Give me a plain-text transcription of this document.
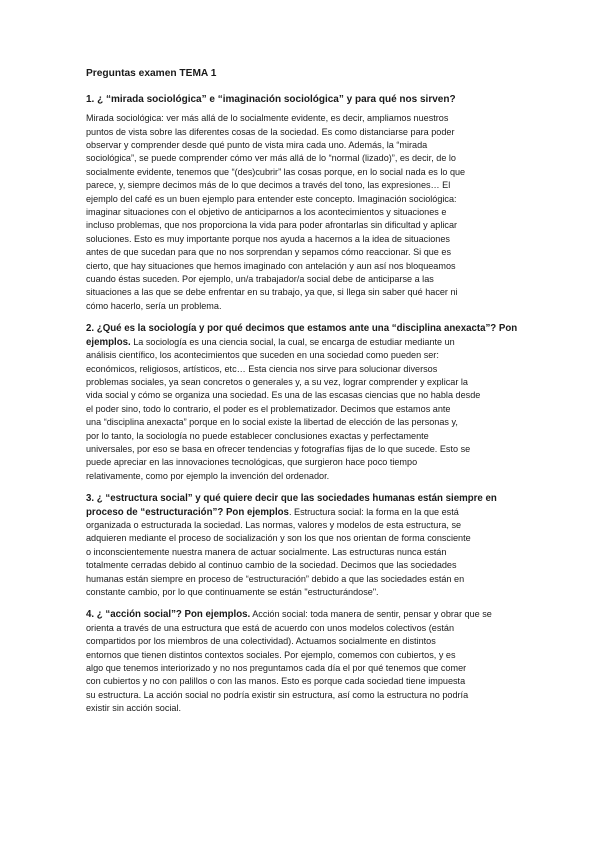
Preguntas examen TEMA 1
1. ¿ “mirada sociológica” e “imaginación sociológica” y para qué nos sirven?

Mirada sociológica: ver más allá de lo socialmente evidente, es decir, ampliamos nuestros
puntos de vista sobre las diferentes cosas de la sociedad. Es como distanciarse para poder
observar y comprender desde qué punto de vista mira cada uno. Además, la “mirada
sociológica”, se puede comprender cómo ver más allá de lo “normal (lizado)”, es decir, de lo
socialmente evidente, tenemos que “(des)cubrir” las cosas porque, en lo social nada es lo que
parece, y, siempre decimos más de lo que decimos a través del tono, las expresiones… El
ejemplo del café es un buen ejemplo para entender este concepto. Imaginación sociológica:
imaginar situaciones con el objetivo de anticiparnos a los acontecimientos y situaciones e
incluso problemas, que nos proporciona la vida para poder afrontarlas sin dificultad y aplicar
soluciones. Esto es muy importante porque nos ayuda a hacernos a la idea de situaciones
antes de que sucedan para que no nos sorprendan y sepamos cómo reaccionar. Si que es
cierto, que hay situaciones que hemos imaginado con antelación y aun así nos bloqueamos
cuando éstas suceden. Por ejemplo, un/a trabajador/a social debe de anticiparse a las
situaciones a las que se debe enfrentar en su trabajo, ya que, si llega sin saber qué hacer ni
cómo hacerlo, sería un problema.

2. ¿Qué es la sociología y por qué decimos que estamos ante una “disciplina anexacta”? Pon
ejemplos. La sociología es una ciencia social, la cual, se encarga de estudiar mediante un
análisis científico, los acontecimientos que suceden en una sociedad como pueden ser:
económicos, religiosos, artísticos, etc… Esta ciencia nos sirve para solucionar diversos
problemas sociales, ya sean concretos o generales y, a su vez, lograr comprender y explicar la
vida social y cómo se organiza una sociedad. Es una de las escasas ciencias que no habla desde
el poder sino, todo lo contrario, el poder es el problematizador. Decimos que estamos ante
una “disciplina anexacta” porque en lo social existe la libertad de elección de las personas y,
por lo tanto, la sociología no puede establecer conclusiones exactas y perfectamente
universales, por eso se basa en ofrecer tendencias y fotografías fijas de lo que sucede. Esto se
puede apreciar en las innovaciones tecnológicas, que surgieron hace poco tiempo
relativamente, como por ejemplo la invención del ordenador.

3. ¿ “estructura social” y qué quiere decir que las sociedades humanas están siempre en
proceso de “estructuración”? Pon ejemplos. Estructura social: la forma en la que está
organizada o estructurada la sociedad. Las normas, valores y modelos de esta estructura, se
adquieren mediante el proceso de socialización y son los que nos orientan de forma consciente
o inconscientemente nuestra manera de actuar socialmente. Las estructuras nunca están
totalmente cerradas debido al continuo cambio de la sociedad. Decimos que las sociedades
humanas están siempre en proceso de “estructuración” debido a que las sociedades están en
constante cambio, por lo que continuamente se están "estructurándose".

4. ¿ “acción social”? Pon ejemplos. Acción social: toda manera de sentir, pensar y obrar que se
orienta a través de una estructura que está de acuerdo con unos modelos colectivos (están
compartidos por los miembros de una colectividad). Actuamos socialmente en distintos
entornos que tienen distintos contextos sociales. Por ejemplo, comemos con cubiertos, y es
algo que tenemos interiorizado y no nos preguntamos cada día el por qué tenemos que comer
con cubiertos y no con palillos o con las manos. Esto es porque cada sociedad tiene impuesta
su estructura. La acción social no podría existir sin estructura, así como la estructura no podría
existir sin acción social.
